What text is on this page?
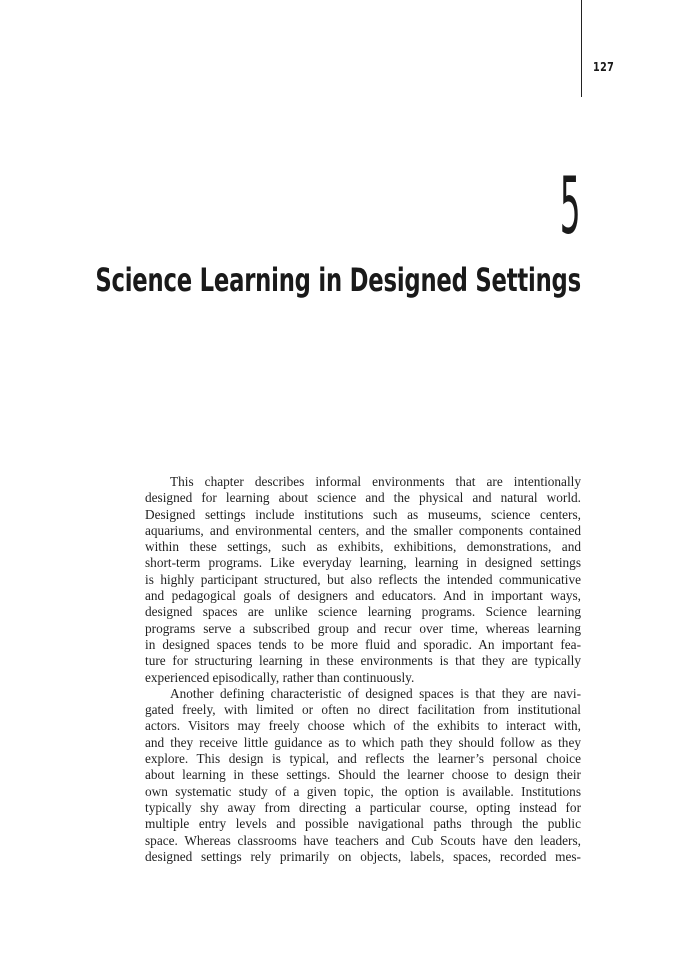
127
5
Science Learning in Designed Settings

This chapter describes informal environments that are intentionally
designed for learning about science and the physical and natural world.
Designed settings include institutions such as museums, science centers,
aquariums, and environmental centers, and the smaller components contained
within these settings, such as exhibits, exhibitions, demonstrations, and
short-term programs. Like everyday learning, learning in designed settings
is highly participant structured, but also reflects the intended communicative
and pedagogical goals of designers and educators. And in important ways,
designed spaces are unlike science learning programs. Science learning
programs serve a subscribed group and recur over time, whereas learning
in designed spaces tends to be more fluid and sporadic. An important fea-
ture for structuring learning in these environments is that they are typically
experienced episodically, rather than continuously.

Another defining characteristic of designed spaces is that they are navi-
gated freely, with limited or often no direct facilitation from institutional
actors. Visitors may freely choose which of the exhibits to interact with,
and they receive little guidance as to which path they should follow as they
explore. This design is typical, and reflects the learner’s personal choice
about learning in these settings. Should the learner choose to design their
own systematic study of a given topic, the option is available. Institutions
typically shy away from directing a particular course, opting instead for
multiple entry levels and possible navigational paths through the public
space. Whereas classrooms have teachers and Cub Scouts have den leaders,
designed settings rely primarily on objects, labels, spaces, recorded mes-
